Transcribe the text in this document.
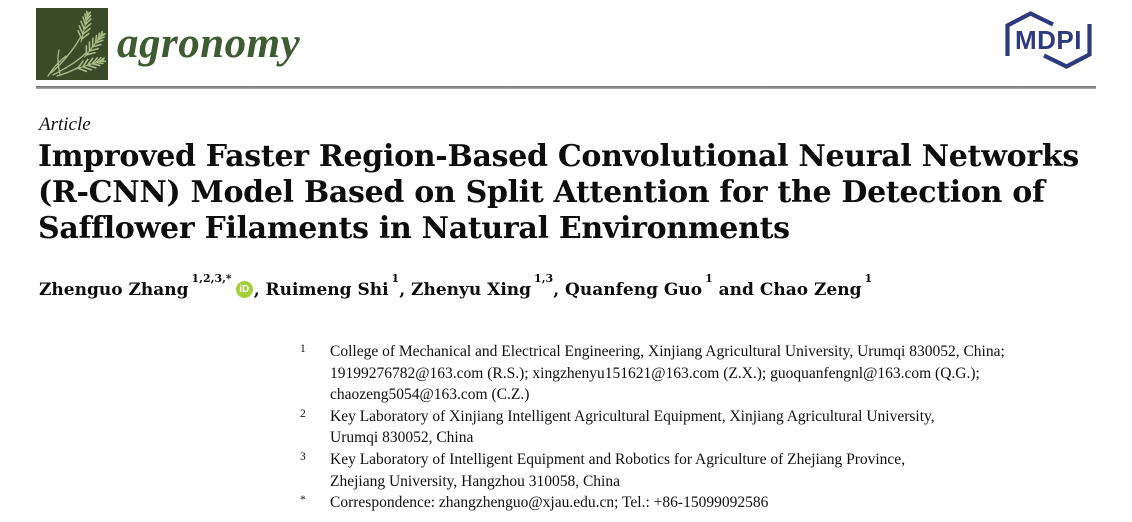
agronomy	MDPI
Article
Improved Faster Region-Based Convolutional Neural Networks
(R-CNN) Model Based on Split Attention for the Detection of
Safflower Filaments in Natural Environments
Zhenguo Zhang$^{1,2,3,*}$iD , Ruimeng Shi$^1$, Zhenyu Xing$^{1,3}$, Quanfeng Guo$^1$ and Chao Zeng$^1$
1	College of Mechanical and Electrical Engineering, Xinjiang Agricultural University, Urumqi 830052, China;
19199276782@163.com (R.S.); xingzhenyu151621@163.com (Z.X.); guoquanfengnl@163.com (Q.G.);
chaozeng5054@163.com (C.Z.)
2	Key Laboratory of Xinjiang Intelligent Agricultural Equipment, Xinjiang Agricultural University,
Urumqi 830052, China
3	Key Laboratory of Intelligent Equipment and Robotics for Agriculture of Zhejiang Province,
Zhejiang University, Hangzhou 310058, China
*	Correspondence: zhangzhenguo@xjau.edu.cn; Tel.: +86-15099092586
